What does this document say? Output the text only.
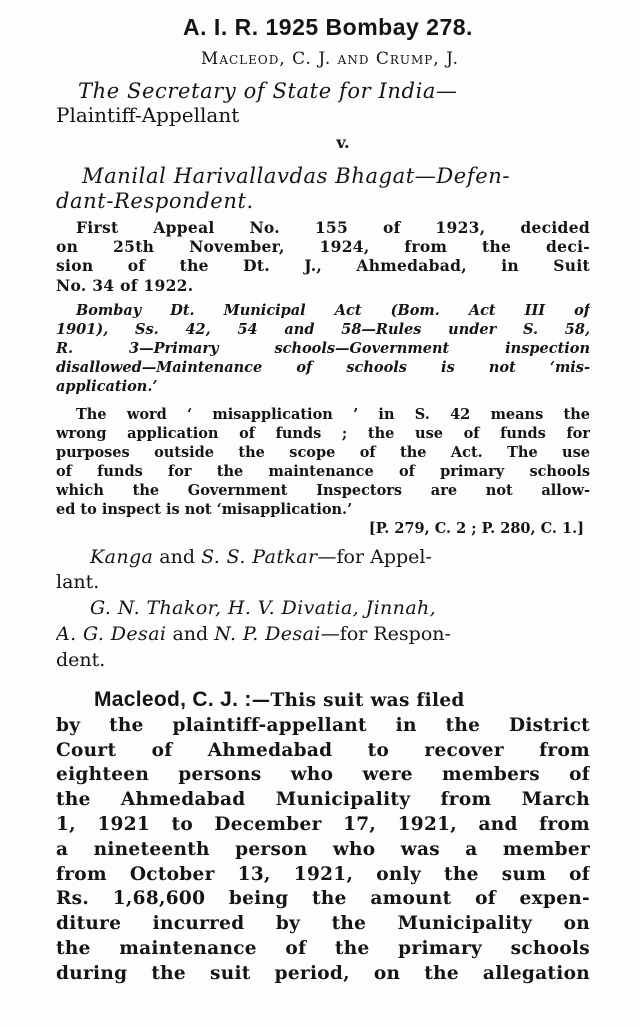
A. I. R. 1925 Bombay 278.
Macleod, C. J. and Crump, J.
The Secretary of State for India—
Plaintiff-Appellant
v.
Manilal Harivallavdas Bhagat—Defen-
dant-Respondent.
First Appeal No. 155 of 1923, decided
on 25th November, 1924, from the deci-
sion of the Dt. J., Ahmedabad, in Suit
No. 34 of 1922.
Bombay Dt. Municipal Act (Bom. Act III of
1901), Ss. 42, 54 and 58—Rules under S. 58,
R. 3—Primary schools—Government inspection
disallowed—Maintenance of schools is not ‘mis-
application.’
The word ‘ misapplication ’ in S. 42 means the
wrong application of funds ; the use of funds for
purposes outside the scope of the Act. The use
of funds for the maintenance of primary schools
which the Government Inspectors are not allow-
ed to inspect is not ‘misapplication.’
[P. 279, C. 2 ; P. 280, C. 1.]
Kanga and S. S. Patkar—for Appel-
lant.
G. N. Thakor, H. V. Divatia, Jinnah,
A. G. Desai and N. P. Desai—for Respon-
dent.
Macleod, C. J. :—This suit was filed
by the plaintiff-appellant in the District
Court of Ahmedabad to recover from
eighteen persons who were members of
the Ahmedabad Municipality from March
1, 1921 to December 17, 1921, and from
a nineteenth person who was a member
from October 13, 1921, only the sum of
Rs. 1,68,600 being the amount of expen-
diture incurred by the Municipality on
the maintenance of the primary schools
during the suit period, on the allegation
